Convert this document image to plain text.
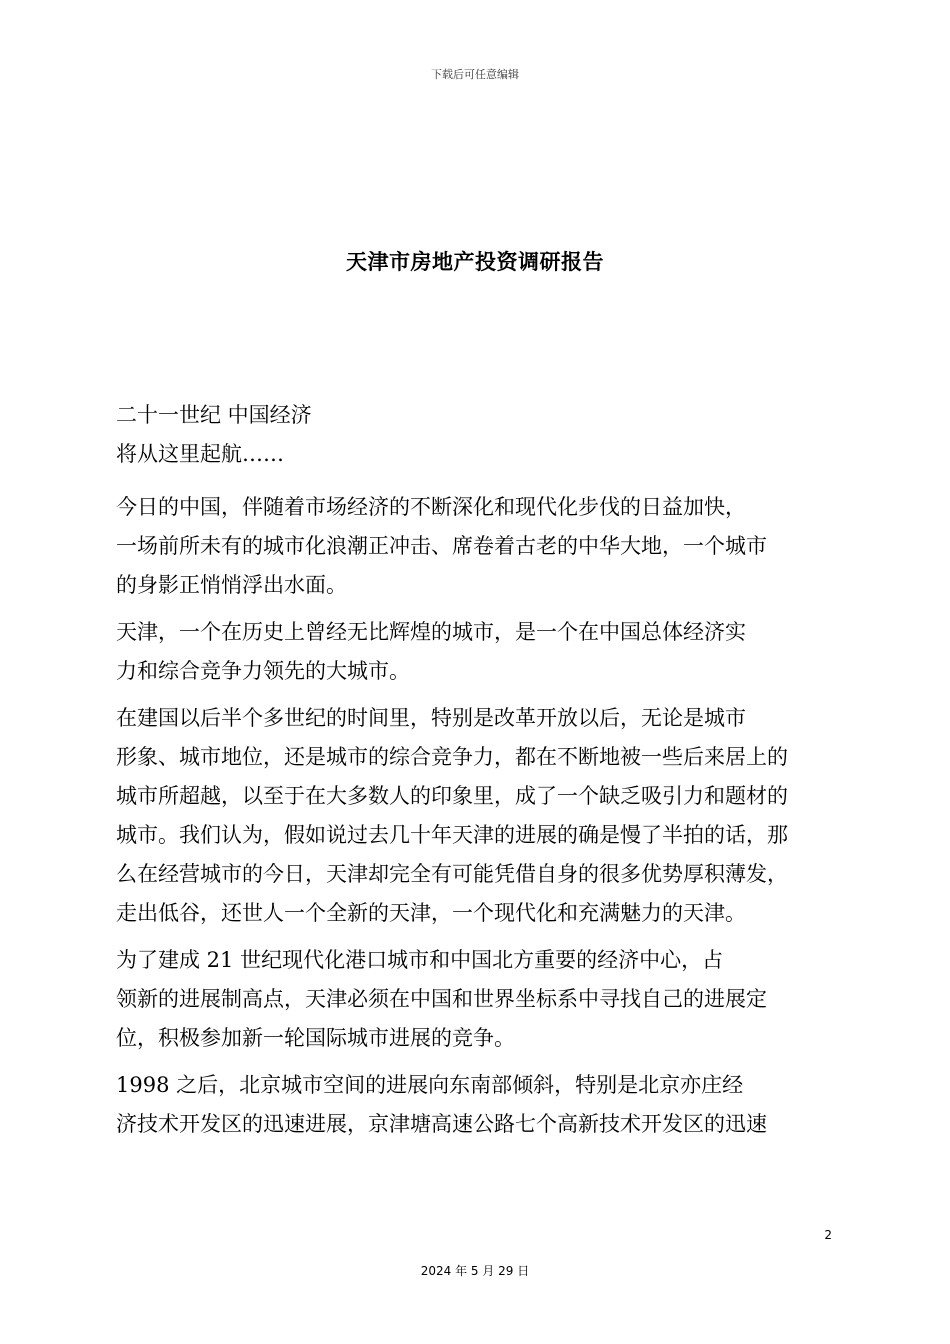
下载后可任意编辑
天津市房地产投资调研报告
二十一世纪 中国经济
将从这里起航……
今日的中国，伴随着市场经济的不断深化和现代化步伐的日益加快，
一场前所未有的城市化浪潮正冲击、席卷着古老的中华大地，一个城市
的身影正悄悄浮出水面。
天津，一个在历史上曾经无比辉煌的城市，是一个在中国总体经济实
力和综合竞争力领先的大城市。
在建国以后半个多世纪的时间里，特别是改革开放以后，无论是城市
形象、城市地位，还是城市的综合竞争力，都在不断地被一些后来居上的
城市所超越，以至于在大多数人的印象里，成了一个缺乏吸引力和题材的
城市。我们认为，假如说过去几十年天津的进展的确是慢了半拍的话，那
么在经营城市的今日，天津却完全有可能凭借自身的很多优势厚积薄发，
走出低谷，还世人一个全新的天津，一个现代化和充满魅力的天津。
为了建成 21 世纪现代化港口城市和中国北方重要的经济中心，占
领新的进展制高点，天津必须在中国和世界坐标系中寻找自己的进展定
位，积极参加新一轮国际城市进展的竞争。
1998 之后，北京城市空间的进展向东南部倾斜，特别是北京亦庄经
济技术开发区的迅速进展，京津塘高速公路七个高新技术开发区的迅速
2
2024 年 5 月 29 日
